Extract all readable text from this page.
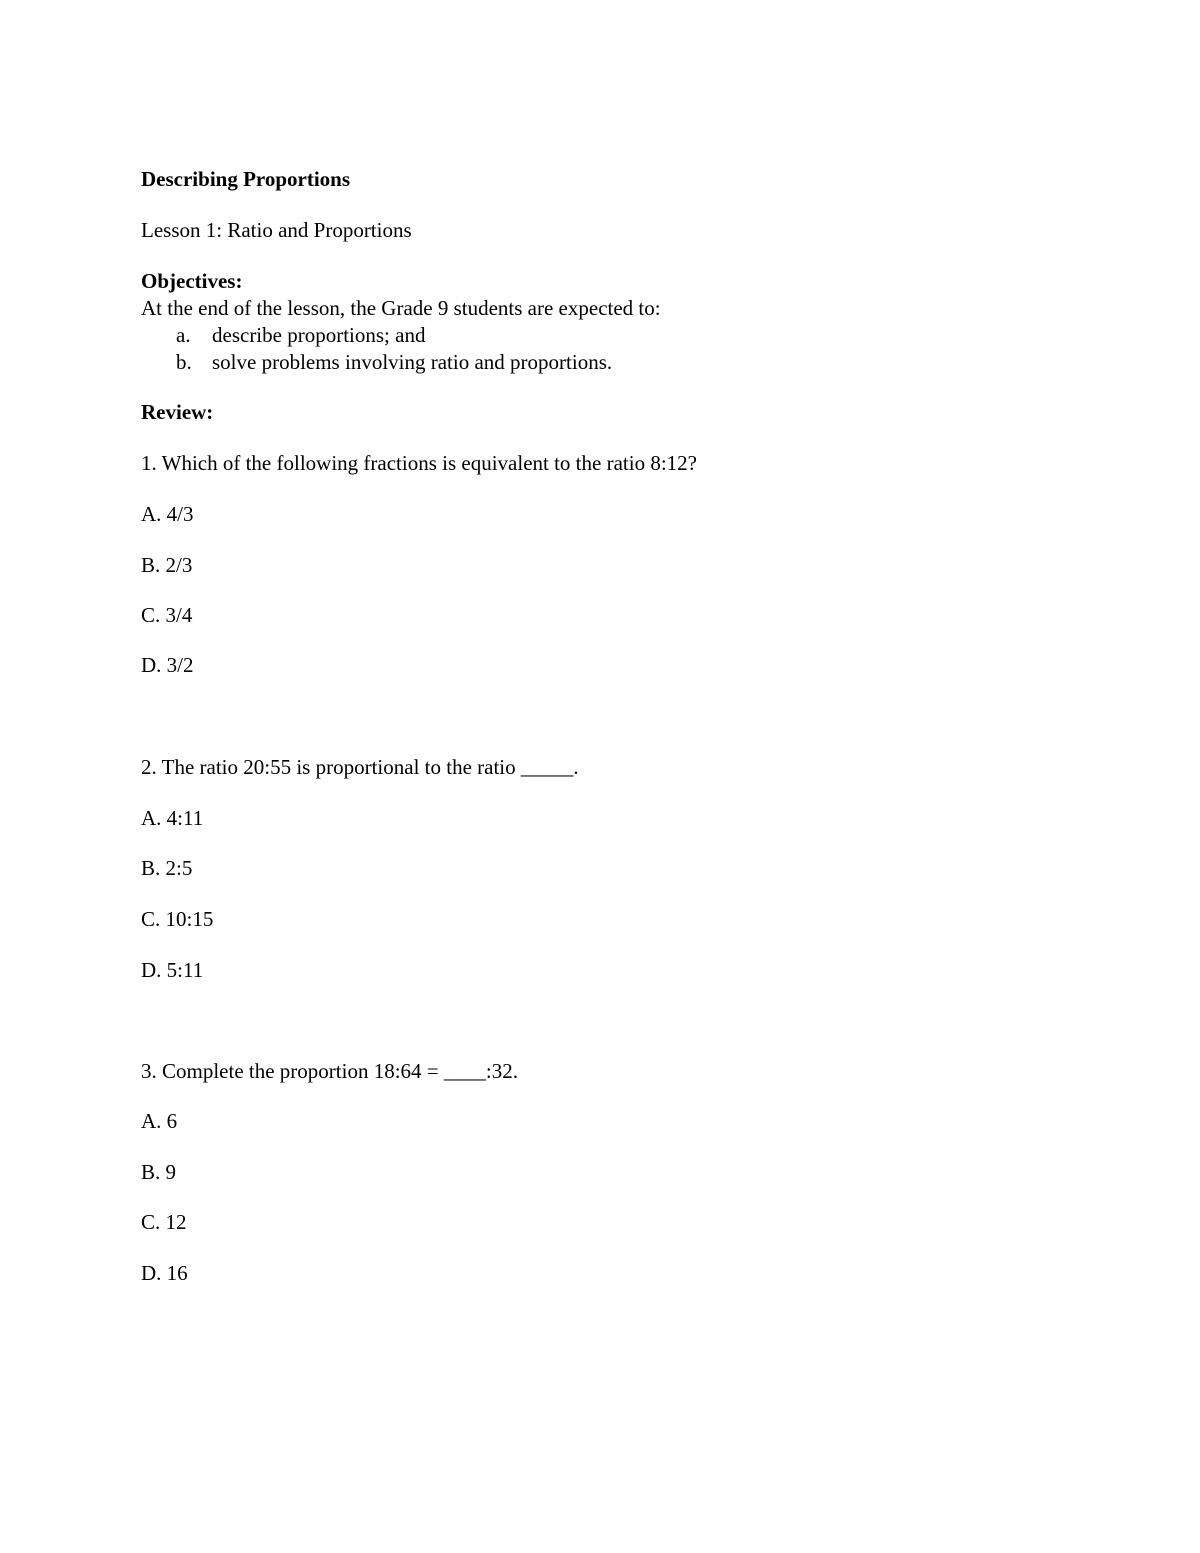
Describing Proportions
Lesson 1: Ratio and Proportions
Objectives:
At the end of the lesson, the Grade 9 students are expected to:
a. describe proportions; and
b. solve problems involving ratio and proportions.
Review:
1. Which of the following fractions is equivalent to the ratio 8:12?
A. 4/3
B. 2/3
C. 3/4
D. 3/2
2. The ratio 20:55 is proportional to the ratio _____.
A. 4:11
B. 2:5
C. 10:15
D. 5:11
3. Complete the proportion 18:64 = ____:32.
A. 6
B. 9
C. 12
D. 16
